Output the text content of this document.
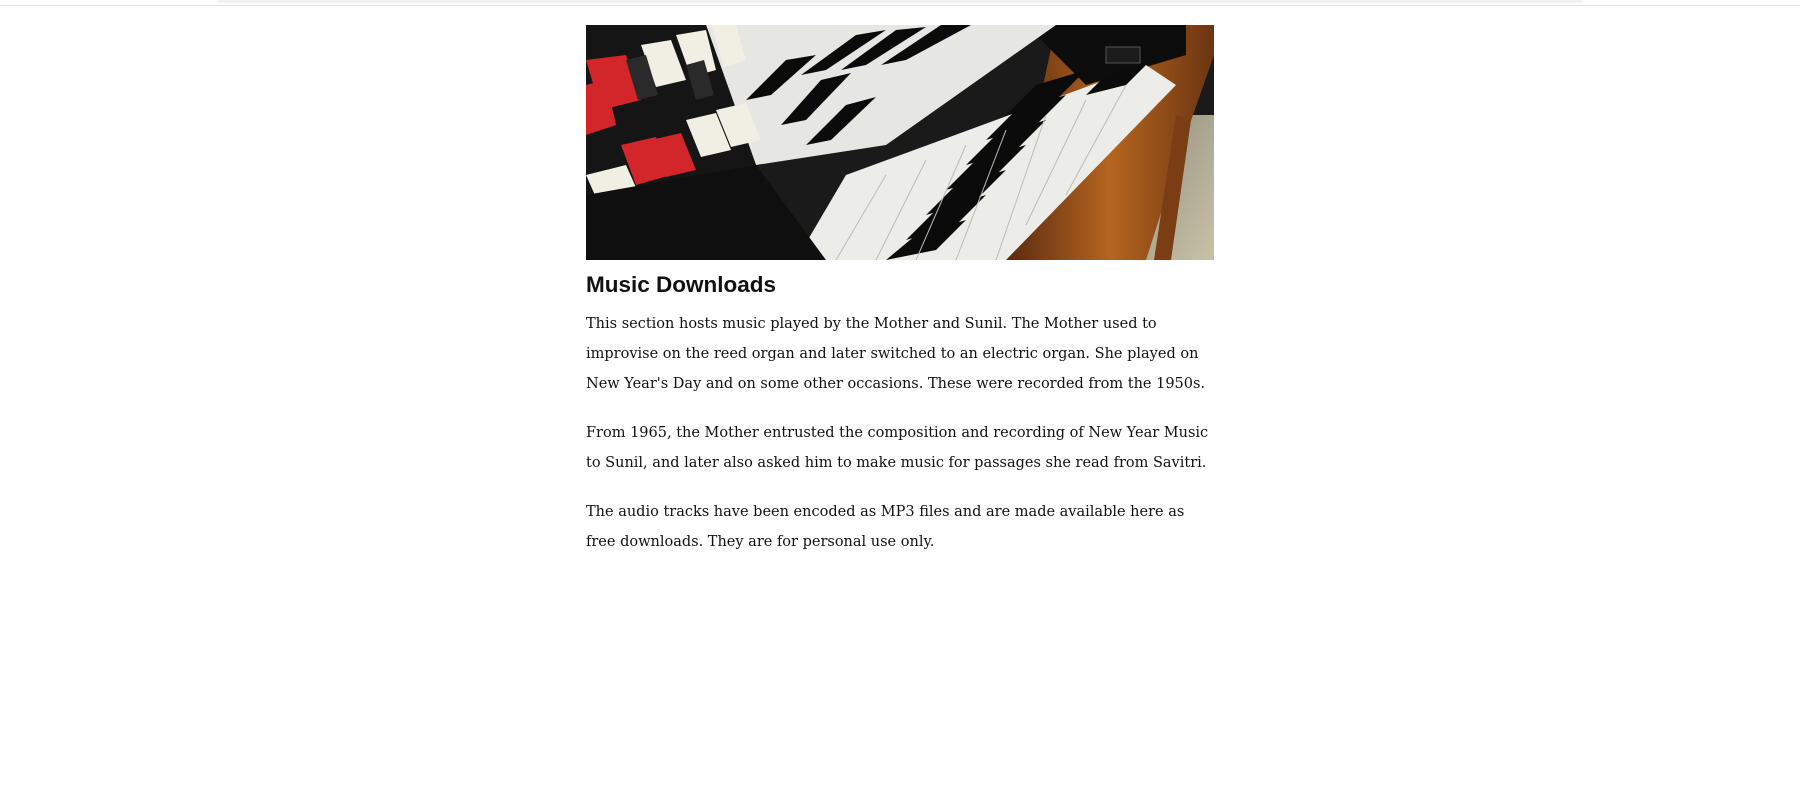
Music Downloads

This section hosts music played by the Mother and Sunil. The Mother used to improvise on the reed organ and later switched to an electric organ. She played on New Year's Day and on some other occasions. These were recorded from the 1950s.

From 1965, the Mother entrusted the composition and recording of New Year Music to Sunil, and later also asked him to make music for passages she read from Savitri.

The audio tracks have been encoded as MP3 files and are made available here as free downloads. They are for personal use only.
